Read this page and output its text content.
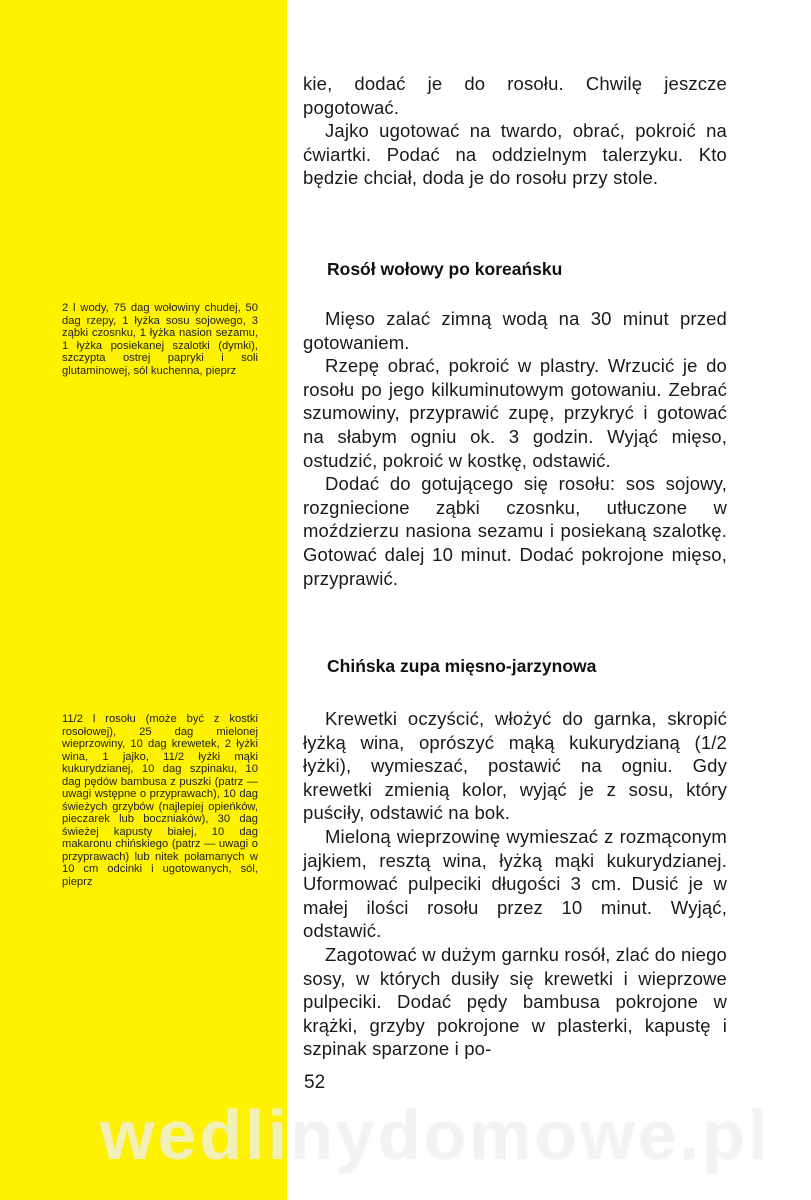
2 l wody, 75 dag wołowiny chudej, 50 dag rzepy, 1 łyżka sosu sojowego, 3 ząbki czosnku, 1 łyżka nasion sezamu, 1 łyżka posiekanej szalotki (dymki), szczypta ostrej papryki i soli glutaminowej, sól kuchenna, pieprz
11/2 l rosołu (może być z kostki rosołowej), 25 dag mielonej wieprzowiny, 10 dag krewetek, 2 łyżki wina, 1 jajko, 11/2 łyżki mąki kukurydzianej, 10 dag szpinaku, 10 dag pędów bambusa z puszki (patrz — uwagi wstępne o przyprawach), 10 dag świeżych grzybów (najlepiej opieńków, pieczarek lub boczniaków), 30 dag świeżej kapusty białej, 10 dag makaronu chińskiego (patrz — uwagi o przyprawach) lub nitek połamanych w 10 cm odcinki i ugotowanych, sól, pieprz

kie, dodać je do rosołu. Chwilę jeszcze pogotować.

Jajko ugotować na twardo, obrać, pokroić na ćwiartki. Podać na oddzielnym talerzyku. Kto będzie chciał, doda je do rosołu przy stole.

Rosół wołowy po koreańsku

Mięso zalać zimną wodą na 30 minut przed gotowaniem.

Rzepę obrać, pokroić w plastry. Wrzucić je do rosołu po jego kilkuminutowym gotowaniu. Zebrać szumowiny, przyprawić zupę, przykryć i gotować na słabym ogniu ok. 3 godzin. Wyjąć mięso, ostudzić, pokroić w kostkę, odstawić.

Dodać do gotującego się rosołu: sos sojowy, rozgniecione ząbki czosnku, utłuczone w moździerzu nasiona sezamu i posiekaną szalotkę. Gotować dalej 10 minut. Dodać pokrojone mięso, przyprawić.

Chińska zupa mięsno-jarzynowa

Krewetki oczyścić, włożyć do garnka, skropić łyżką wina, oprószyć mąką kukurydzianą (1/2 łyżki), wymieszać, postawić na ogniu. Gdy krewetki zmienią kolor, wyjąć je z sosu, który puściły, odstawić na bok.

Mieloną wieprzowinę wymieszać z rozmąconym jajkiem, resztą wina, łyżką mąki kukurydzianej. Uformować pulpeciki długości 3 cm. Dusić je w małej ilości rosołu przez 10 minut. Wyjąć, odstawić.

Zagotować w dużym garnku rosół, zlać do niego sosy, w których dusiły się krewetki i wieprzowe pulpeciki. Dodać pędy bambusa pokrojone w krążki, grzyby pokrojone w plasterki, kapustę i szpinak sparzone i po-

52
wedlinydomowe.pl
